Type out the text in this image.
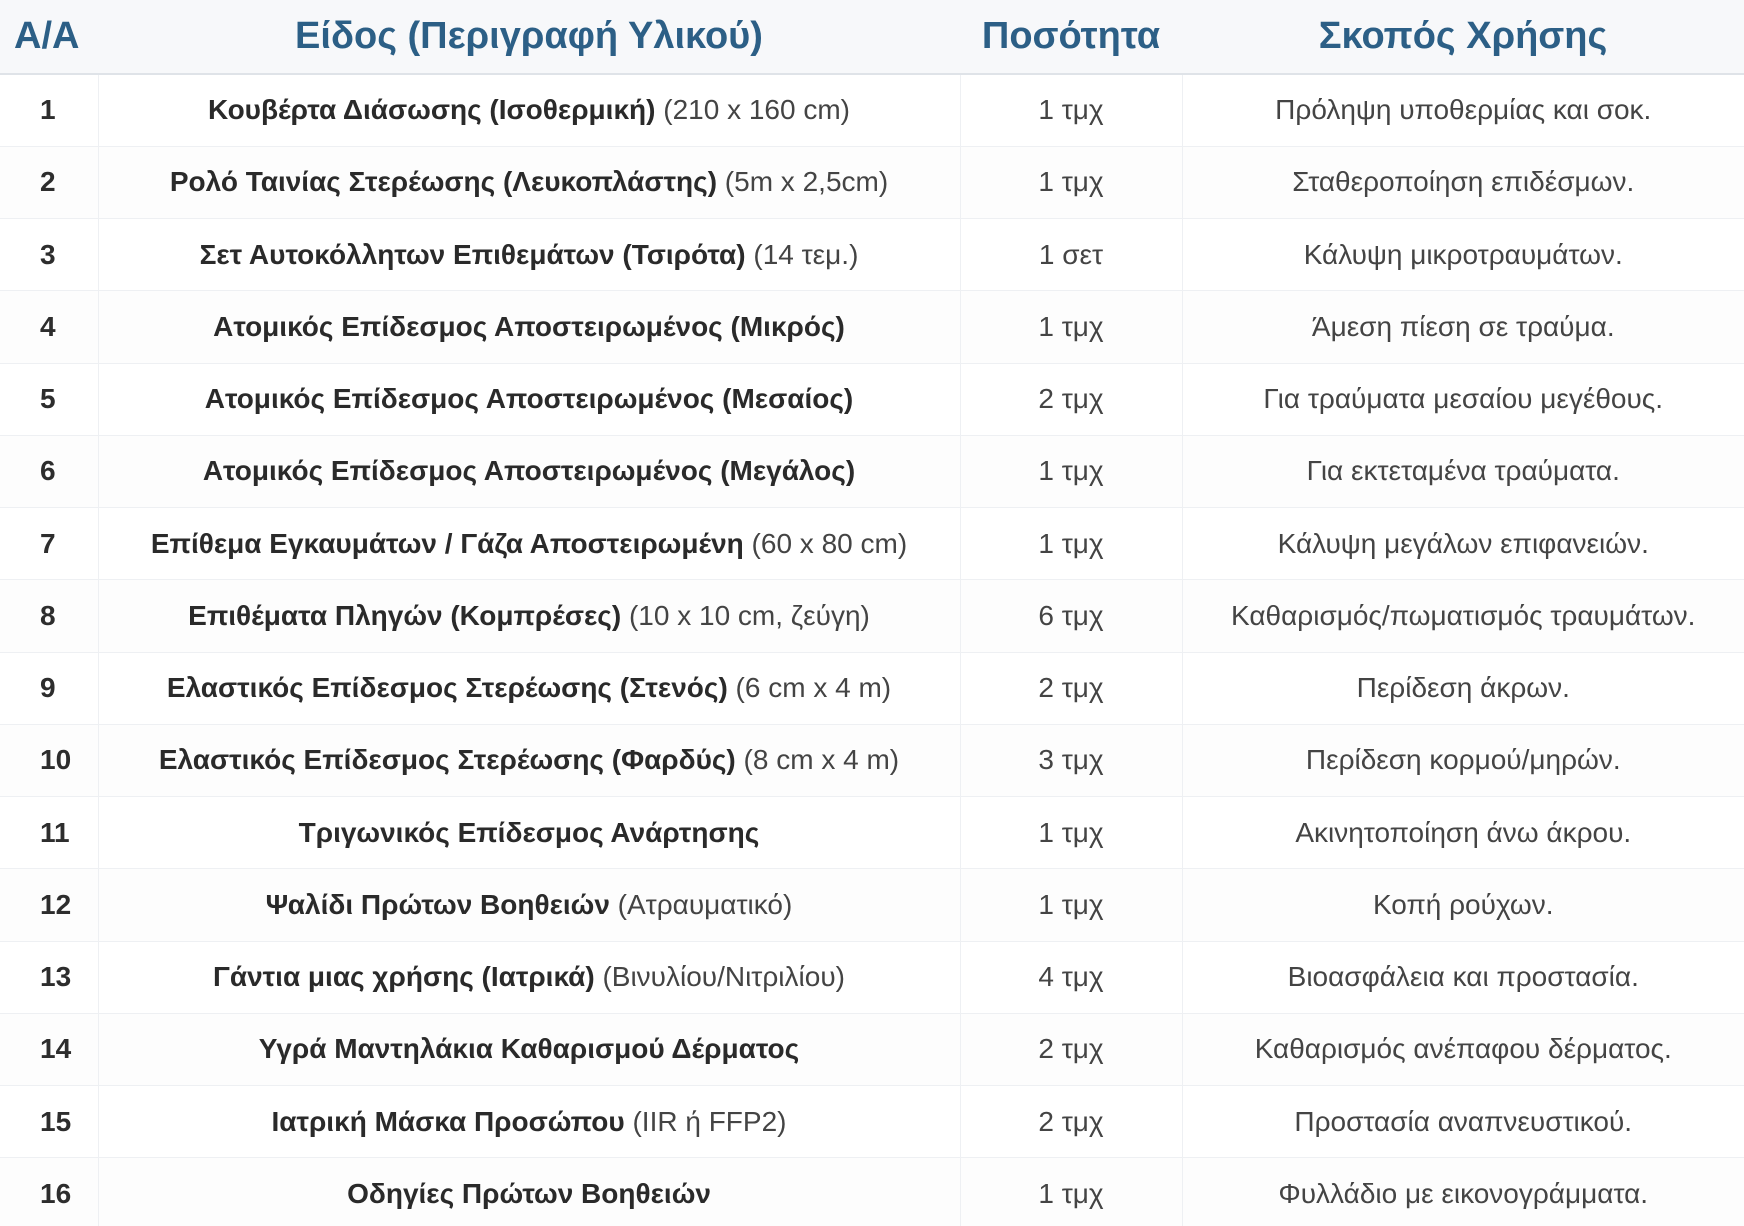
Α/Α	Είδος (Περιγραφή Υλικού)	Ποσότητα	Σκοπός Χρήσης
1	Κουβέρτα Διάσωσης (Ισοθερμική) (210 x 160 cm)	1 τμχ	Πρόληψη υποθερμίας και σοκ.
2	Ρολό Ταινίας Στερέωσης (Λευκοπλάστης) (5m x 2,5cm)	1 τμχ	Σταθεροποίηση επιδέσμων.
3	Σετ Αυτοκόλλητων Επιθεμάτων (Τσιρότα) (14 τεμ.)	1 σετ	Κάλυψη μικροτραυμάτων.
4	Ατομικός Επίδεσμος Αποστειρωμένος (Μικρός)	1 τμχ	Άμεση πίεση σε τραύμα.
5	Ατομικός Επίδεσμος Αποστειρωμένος (Μεσαίος)	2 τμχ	Για τραύματα μεσαίου μεγέθους.
6	Ατομικός Επίδεσμος Αποστειρωμένος (Μεγάλος)	1 τμχ	Για εκτεταμένα τραύματα.
7	Επίθεμα Εγκαυμάτων / Γάζα Αποστειρωμένη (60 x 80 cm)	1 τμχ	Κάλυψη μεγάλων επιφανειών.
8	Επιθέματα Πληγών (Κομπρέσες) (10 x 10 cm, ζεύγη)	6 τμχ	Καθαρισμός/πωματισμός τραυμάτων.
9	Ελαστικός Επίδεσμος Στερέωσης (Στενός) (6 cm x 4 m)	2 τμχ	Περίδεση άκρων.
10	Ελαστικός Επίδεσμος Στερέωσης (Φαρδύς) (8 cm x 4 m)	3 τμχ	Περίδεση κορμού/μηρών.
11	Τριγωνικός Επίδεσμος Ανάρτησης	1 τμχ	Ακινητοποίηση άνω άκρου.
12	Ψαλίδι Πρώτων Βοηθειών (Ατραυματικό)	1 τμχ	Κοπή ρούχων.
13	Γάντια μιας χρήσης (Ιατρικά) (Βινυλίου/Νιτριλίου)	4 τμχ	Βιοασφάλεια και προστασία.
14	Υγρά Μαντηλάκια Καθαρισμού Δέρματος	2 τμχ	Καθαρισμός ανέπαφου δέρματος.
15	Ιατρική Μάσκα Προσώπου (IIR ή FFP2)	2 τμχ	Προστασία αναπνευστικού.
16	Οδηγίες Πρώτων Βοηθειών	1 τμχ	Φυλλάδιο με εικονογράμματα.
